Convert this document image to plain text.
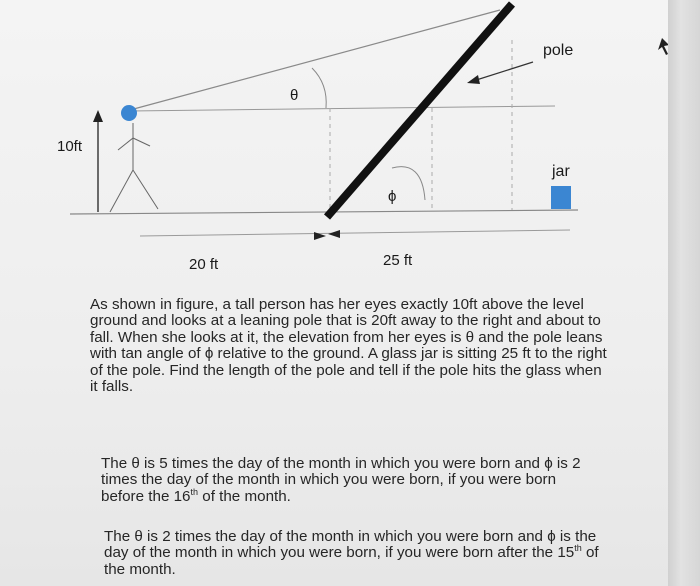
10ft
θ
ϕ
pole
jar
20 ft	25 ft

As shown in figure, a tall person has her eyes exactly 10ft above the level ground and looks at a leaning pole that is 20ft away to the right and about to fall. When she looks at it, the elevation from her eyes is θ and the pole leans with tan angle of ϕ relative to the ground. A glass jar is sitting 25 ft to the right of the pole. Find the length of the pole and tell if the pole hits the glass when it falls.

The θ is 5 times the day of the month in which you were born and ϕ is 2 times the day of the month in which you were born, if you were born before the 16th of the month.

The θ is 2 times the day of the month in which you were born and ϕ is the day of the month in which you were born, if you were born after the 15th of the month.
